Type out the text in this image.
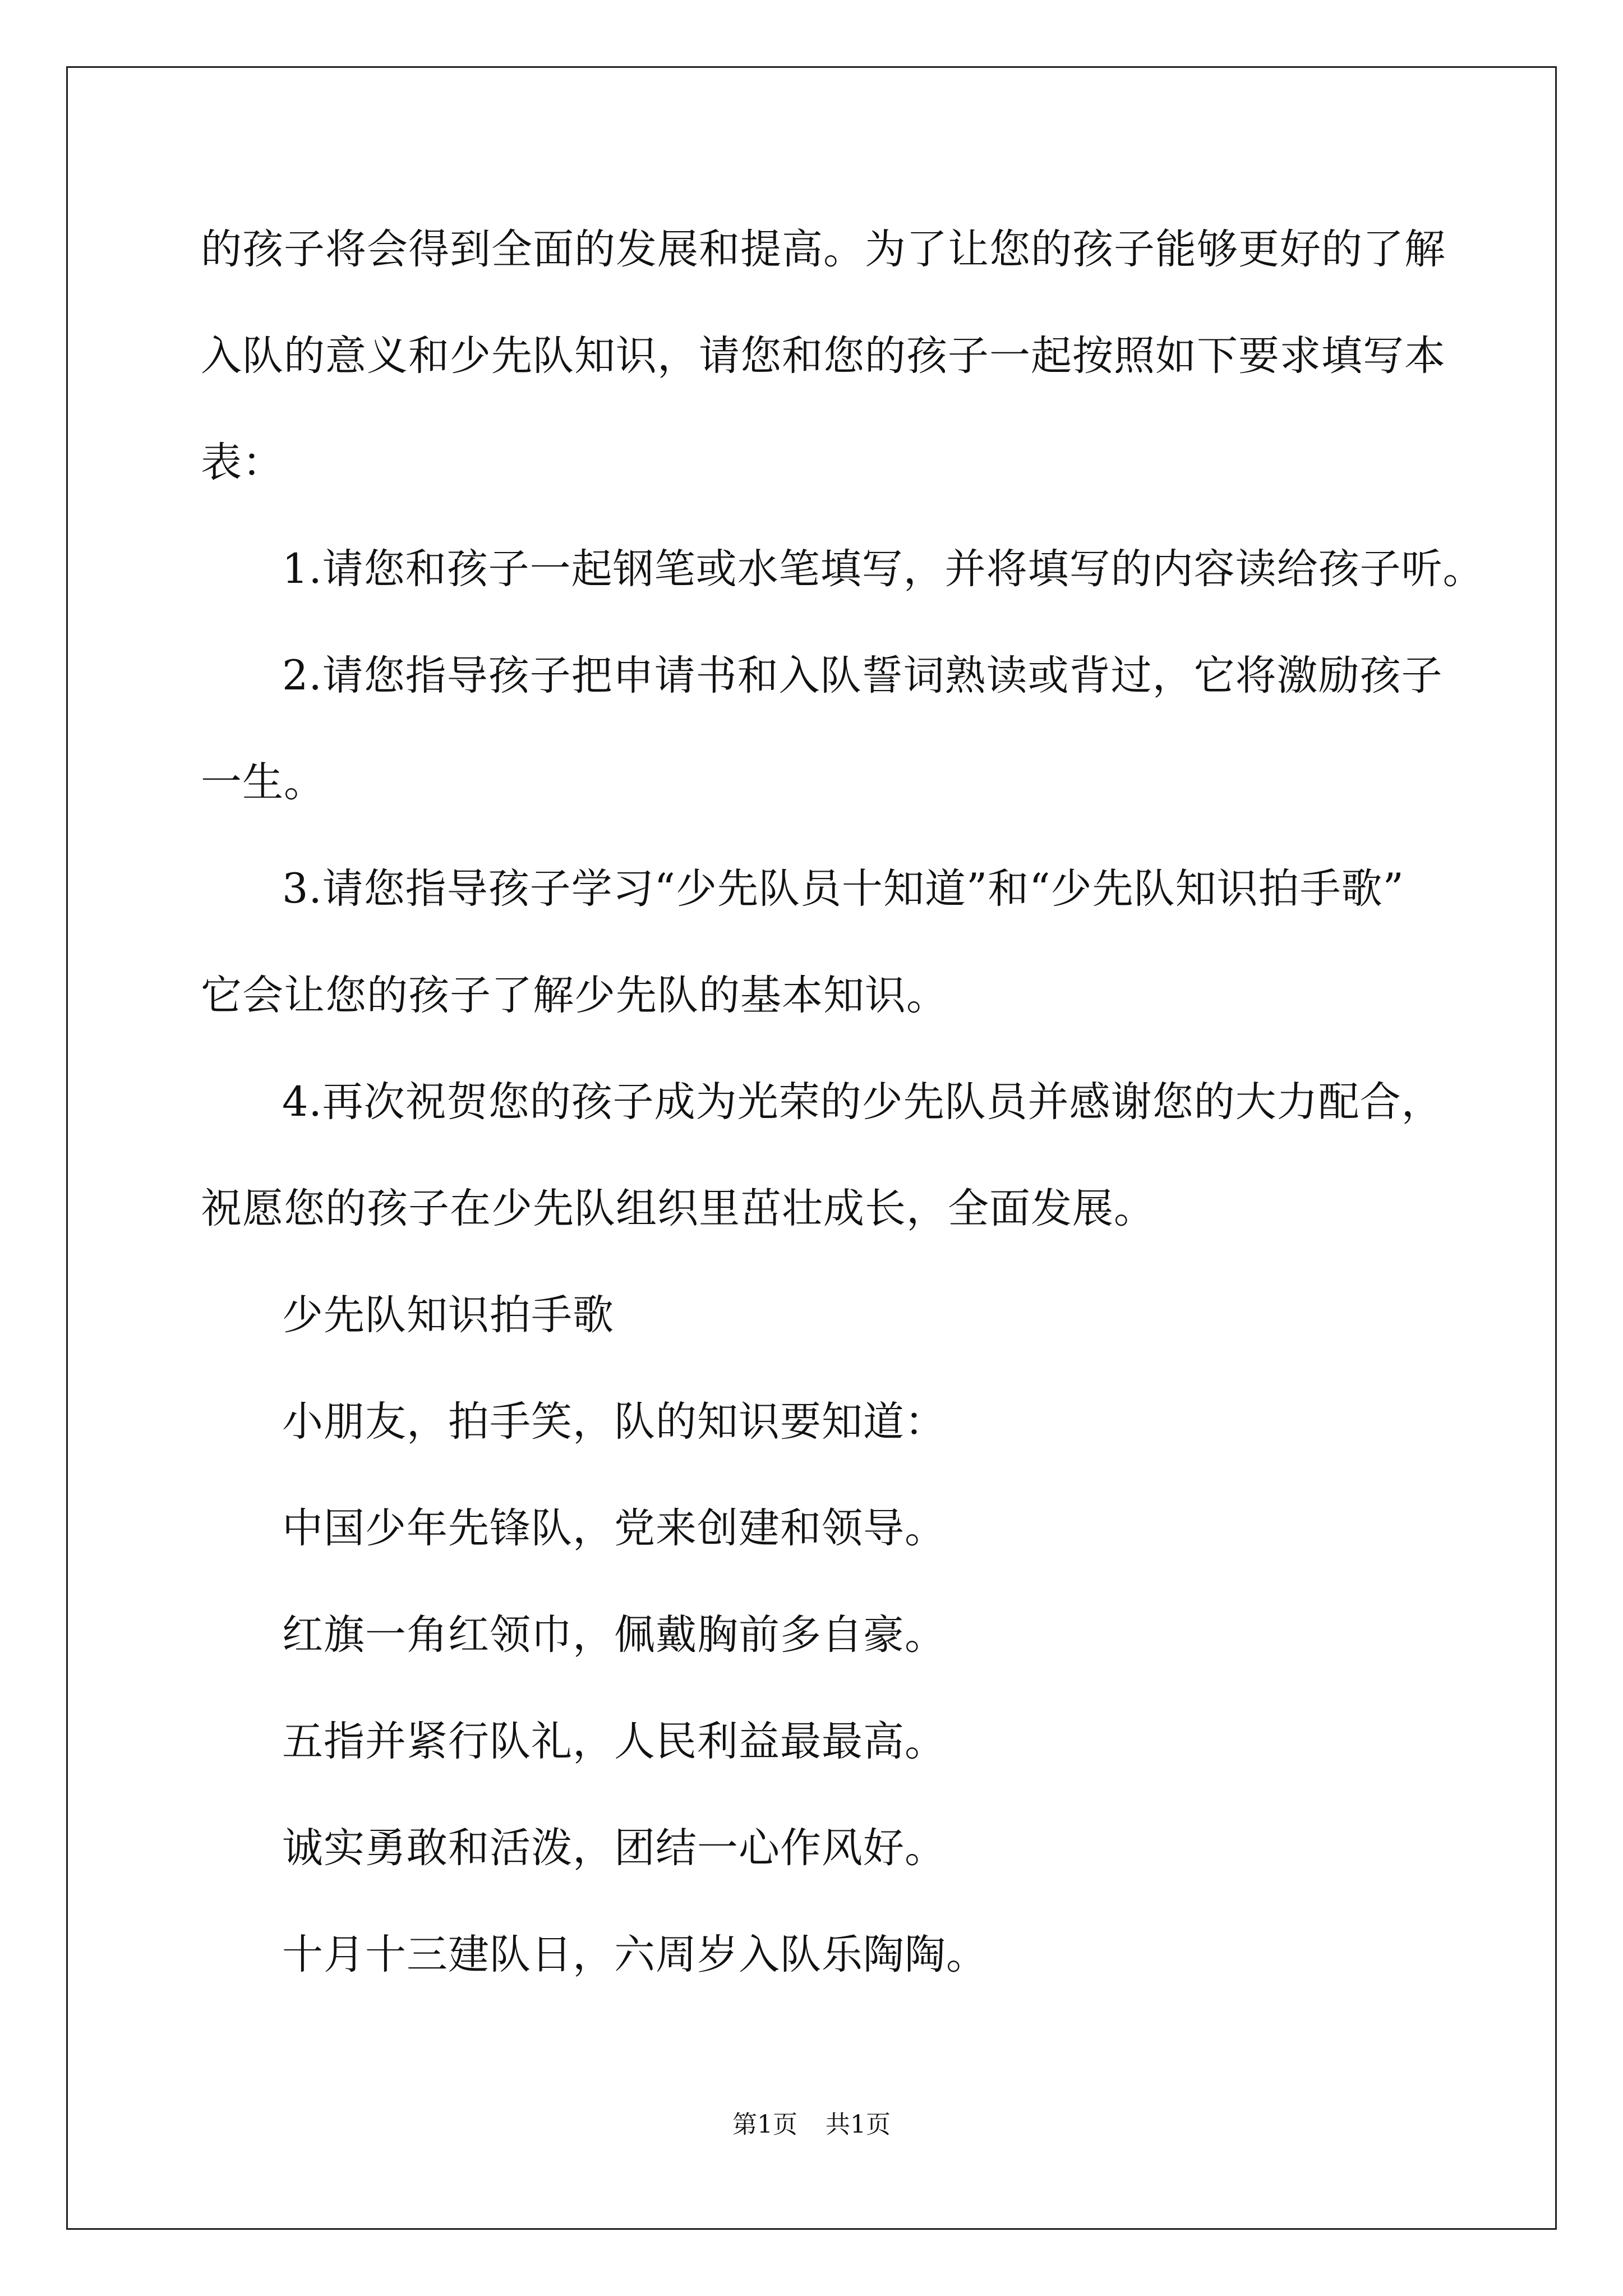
的孩子将会得到全面的发展和提高。为了让您的孩子能够更好的了解
入队的意义和少先队知识，请您和您的孩子一起按照如下要求填写本
表：
1.请您和孩子一起钢笔或水笔填写，并将填写的内容读给孩子听。
2.请您指导孩子把申请书和入队誓词熟读或背过，它将激励孩子
一生。
3.请您指导孩子学习“少先队员十知道”和“少先队知识拍手歌”
它会让您的孩子了解少先队的基本知识。
4.再次祝贺您的孩子成为光荣的少先队员并感谢您的大力配合，
祝愿您的孩子在少先队组织里茁壮成长，全面发展。
少先队知识拍手歌
小朋友，拍手笑，队的知识要知道：
中国少年先锋队，党来创建和领导。
红旗一角红领巾，佩戴胸前多自豪。
五指并紧行队礼，人民利益最最高。
诚实勇敢和活泼，团结一心作风好。
十月十三建队日，六周岁入队乐陶陶。
第1页 共1页
